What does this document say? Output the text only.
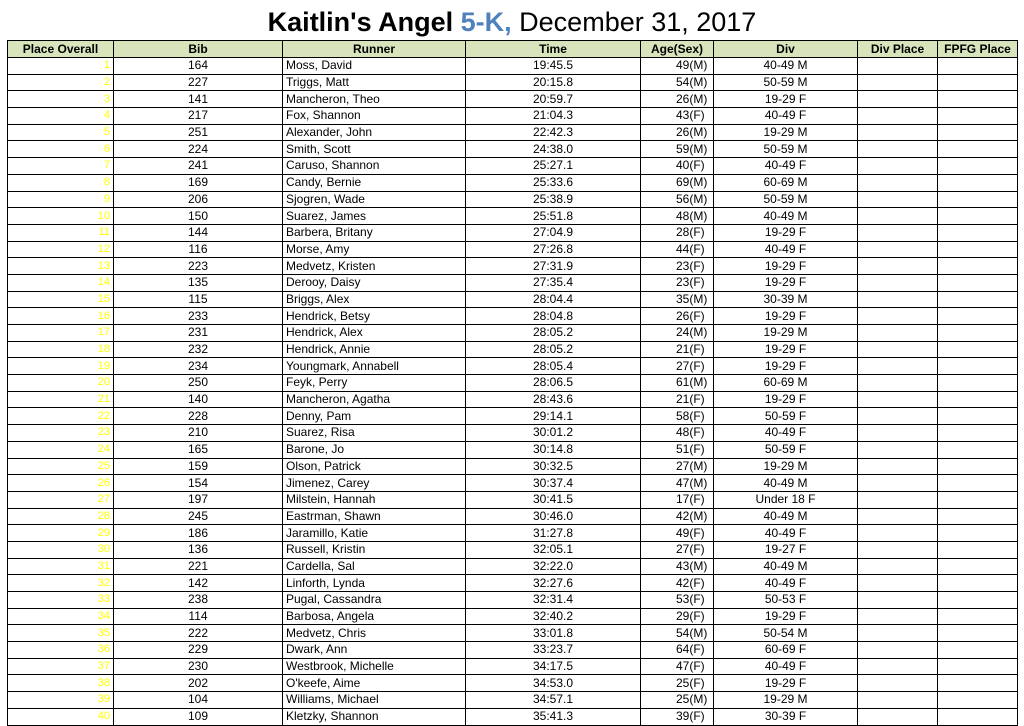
Kaitlin's Angel 5-K, December 31, 2017
Place Overall	Bib	Runner	Time	Age(Sex)	Div	Div Place	FPFG Place
1	164	Moss, David	19:45.5	49(M)	40-49 M		
2	227	Triggs, Matt	20:15.8	54(M)	50-59 M		
3	141	Mancheron, Theo	20:59.7	26(M)	19-29 F		
4	217	Fox, Shannon	21:04.3	43(F)	40-49 F		
5	251	Alexander, John	22:42.3	26(M)	19-29 M		
6	224	Smith, Scott	24:38.0	59(M)	50-59 M		
7	241	Caruso, Shannon	25:27.1	40(F)	40-49 F		
8	169	Candy, Bernie	25:33.6	69(M)	60-69 M		
9	206	Sjogren, Wade	25:38.9	56(M)	50-59 M		
10	150	Suarez, James	25:51.8	48(M)	40-49 M		
11	144	Barbera, Britany	27:04.9	28(F)	19-29 F		
12	116	Morse, Amy	27:26.8	44(F)	40-49 F		
13	223	Medvetz, Kristen	27:31.9	23(F)	19-29 F		
14	135	Derooy, Daisy	27:35.4	23(F)	19-29 F		
15	115	Briggs, Alex	28:04.4	35(M)	30-39 M		
16	233	Hendrick, Betsy	28:04.8	26(F)	19-29 F		
17	231	Hendrick, Alex	28:05.2	24(M)	19-29 M		
18	232	Hendrick, Annie	28:05.2	21(F)	19-29 F		
19	234	Youngmark, Annabell	28:05.4	27(F)	19-29 F		
20	250	Feyk, Perry	28:06.5	61(M)	60-69 M		
21	140	Mancheron, Agatha	28:43.6	21(F)	19-29 F		
22	228	Denny, Pam	29:14.1	58(F)	50-59 F		
23	210	Suarez, Risa	30:01.2	48(F)	40-49 F		
24	165	Barone, Jo	30:14.8	51(F)	50-59 F		
25	159	Olson, Patrick	30:32.5	27(M)	19-29 M		
26	154	Jimenez, Carey	30:37.4	47(M)	40-49 M		
27	197	Milstein, Hannah	30:41.5	17(F)	Under 18 F		
28	245	Eastrman, Shawn	30:46.0	42(M)	40-49 M		
29	186	Jaramillo, Katie	31:27.8	49(F)	40-49 F		
30	136	Russell, Kristin	32:05.1	27(F)	19-27 F		
31	221	Cardella, Sal	32:22.0	43(M)	40-49 M		
32	142	Linforth, Lynda	32:27.6	42(F)	40-49 F		
33	238	Pugal, Cassandra	32:31.4	53(F)	50-53 F		
34	114	Barbosa, Angela	32:40.2	29(F)	19-29 F		
35	222	Medvetz, Chris	33:01.8	54(M)	50-54 M		
36	229	Dwark, Ann	33:23.7	64(F)	60-69 F		
37	230	Westbrook, Michelle	34:17.5	47(F)	40-49 F		
38	202	O'keefe, Aime	34:53.0	25(F)	19-29 F		
39	104	Williams, Michael	34:57.1	25(M)	19-29 M		
40	109	Kletzky, Shannon	35:41.3	39(F)	30-39 F		
